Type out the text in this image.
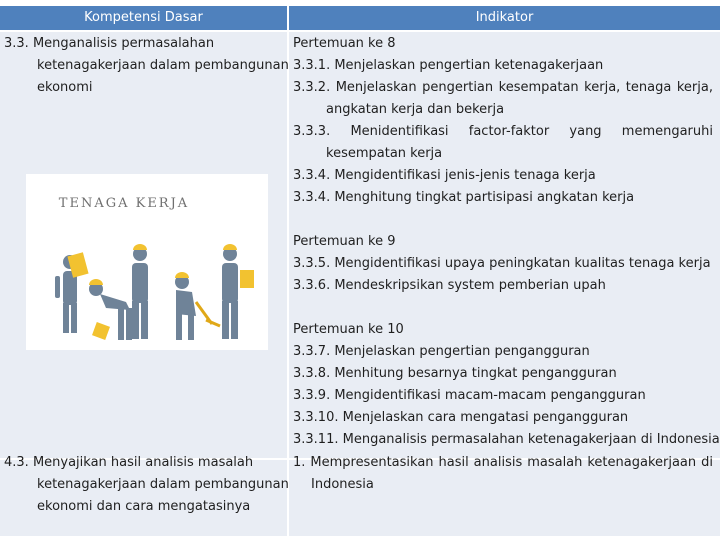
Kompetensi Dasar	Indikator
3.3. Menganalisis permasalahan
ketenagakerjaan dalam pembangunan
ekonomi
4.3. Menyajikan hasil analisis masalah
ketenagakerjaan dalam pembangunan
ekonomi dan cara mengatasinya
TENAGA KERJA
Pertemuan ke 8
3.3.1. Menjelaskan pengertian ketenagakerjaan
3.3.2. Menjelaskan pengertian kesempatan kerja, tenaga kerja,
angkatan kerja dan bekerja
3.3.3. Menidentifikasi factor-faktor yang memengaruhi
kesempatan kerja
3.3.4. Mengidentifikasi jenis-jenis tenaga kerja
3.3.4. Menghitung tingkat partisipasi angkatan kerja
Pertemuan ke 9
3.3.5. Mengidentifikasi upaya peningkatan kualitas tenaga kerja
3.3.6. Mendeskripsikan system pemberian upah
Pertemuan ke 10
3.3.7. Menjelaskan pengertian pengangguran
3.3.8. Menhitung besarnya tingkat pengangguran
3.3.9. Mengidentifikasi macam-macam pengangguran
3.3.10. Menjelaskan cara mengatasi pengangguran
3.3.11. Menganalisis permasalahan ketenagakerjaan di Indonesia
1. Mempresentasikan hasil analisis masalah ketenagakerjaan di
Indonesia
